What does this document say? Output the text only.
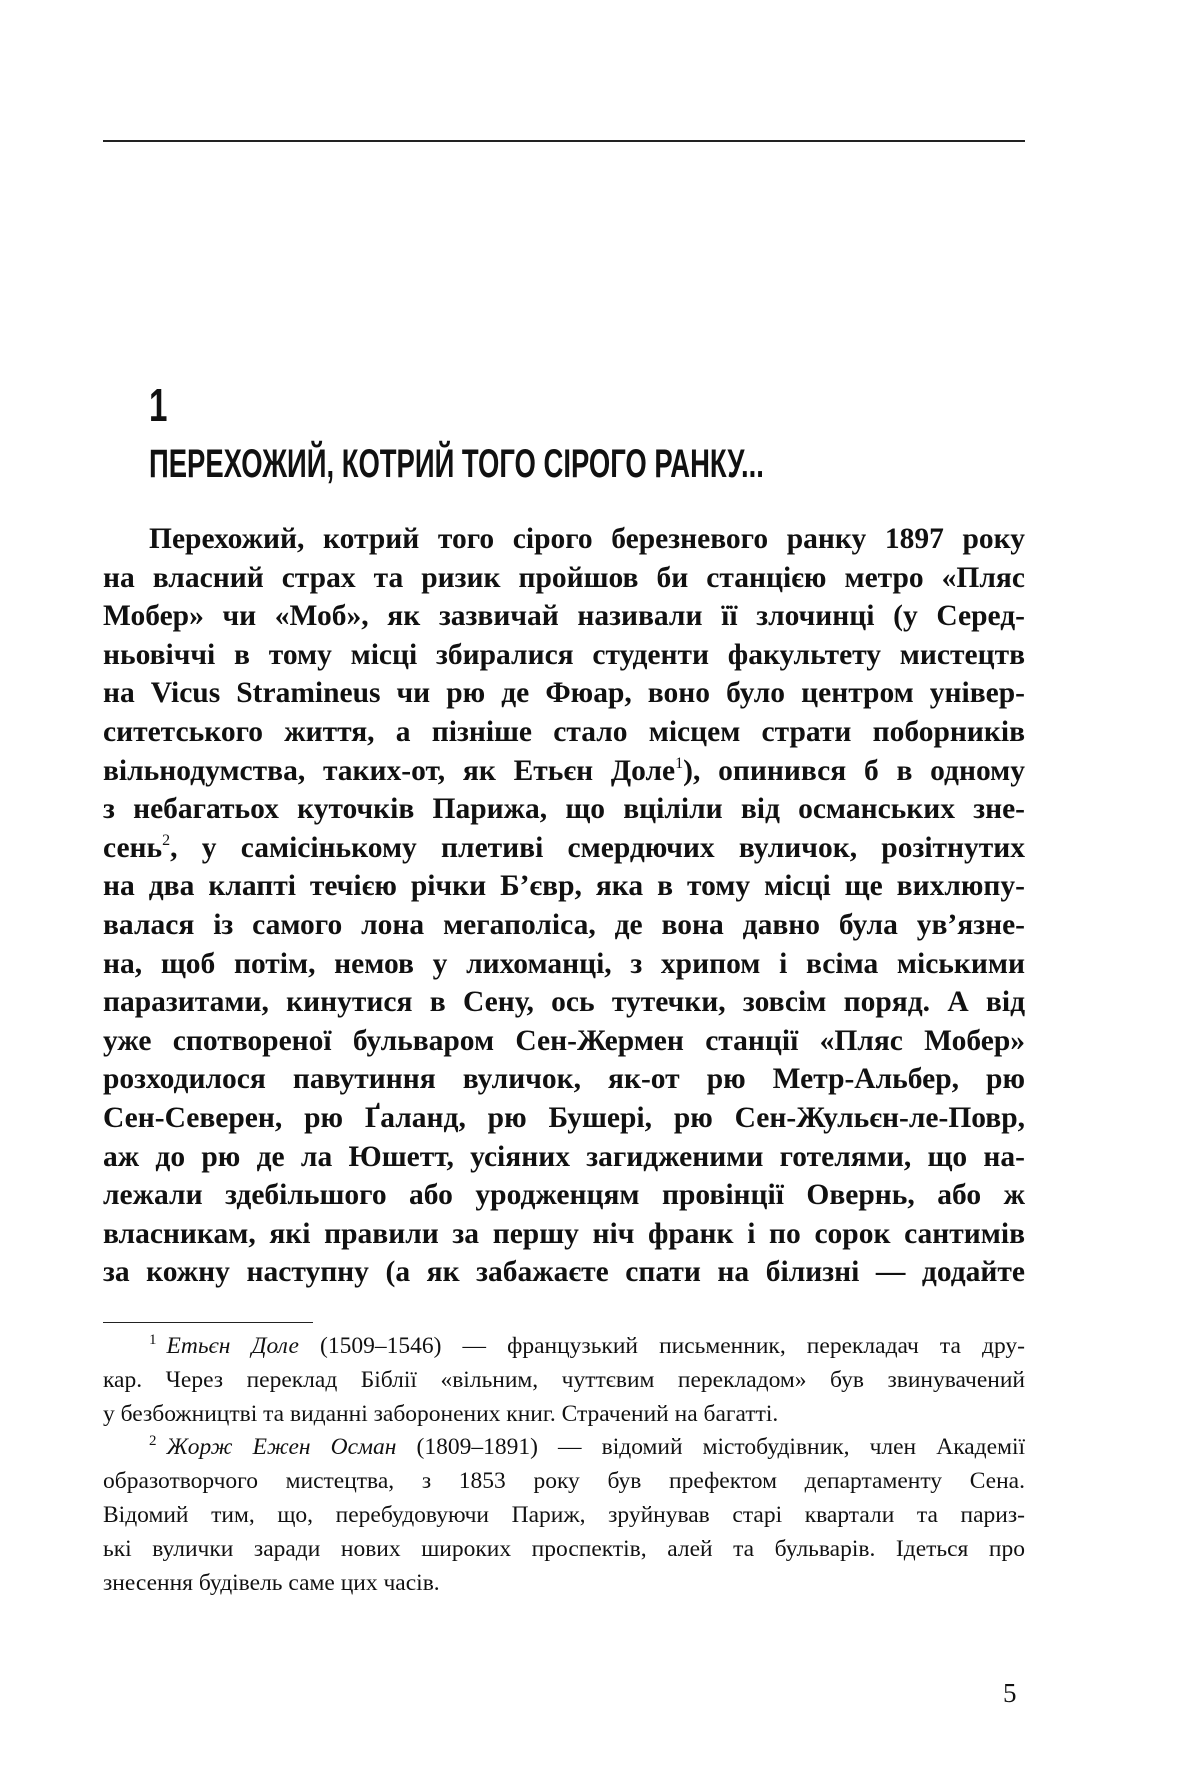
1
ПЕРЕХОЖИЙ, КОТРИЙ ТОГО СІРОГО РАНКУ...
Перехожий, котрий того сірого березневого ранку 1897 року
на власний страх та ризик пройшов би станцією метро «Пляс
Мобер» чи «Моб», як зазвичай називали її злочинці (у Серед-
ньовіччі в тому місці збиралися студенти факультету мистецтв
на Vicus Stramineus чи рю де Фюар, воно було центром універ-
ситетського життя, а пізніше стало місцем страти поборників
вільнодумства, таких-от, як Етьєн Доле$^1$), опинився б в одному
з небагатьох куточків Парижа, що вціліли від османських зне-
сень$^2$, у самісінькому плетиві смердючих вуличок, розітнутих
на два клапті течією річки Б’євр, яка в тому місці ще вихлюпу-
валася із самого лона мегаполіса, де вона давно була ув’язне-
на, щоб потім, немов у лихоманці, з хрипом і всіма міськими
паразитами, кинутися в Сену, ось тутечки, зовсім поряд. А від
уже спотвореної бульваром Сен-Жермен станції «Пляс Мобер»
розходилося павутиння вуличок, як-от рю Метр-Альбер, рю
Сен-Северен, рю Ґаланд, рю Бушері, рю Сен-Жульєн-ле-Повр,
аж до рю де ла Юшетт, усіяних загидженими готелями, що на-
лежали здебільшого або уродженцям провінції Овернь, або ж
власникам, які правили за першу ніч франк і по сорок сантимів
за кожну наступну (а як забажаєте спати на білизні — додайте
$^1$ Етьєн Доле (1509–1546) — французький письменник, перекладач та дру-
кар. Через переклад Біблії «вільним, чуттєвим перекладом» був звинувачений
у безбожництві та виданні заборонених книг. Страчений на багатті.
$^2$ Жорж Ежен Осман (1809–1891) — відомий містобудівник, член Академії
образотворчого мистецтва, з 1853 року був префектом департаменту Сена.
Відомий тим, що, перебудовуючи Париж, зруйнував старі квартали та париз-
ькі вулички заради нових широких проспектів, алей та бульварів. Ідеться про
знесення будівель саме цих часів.
5
